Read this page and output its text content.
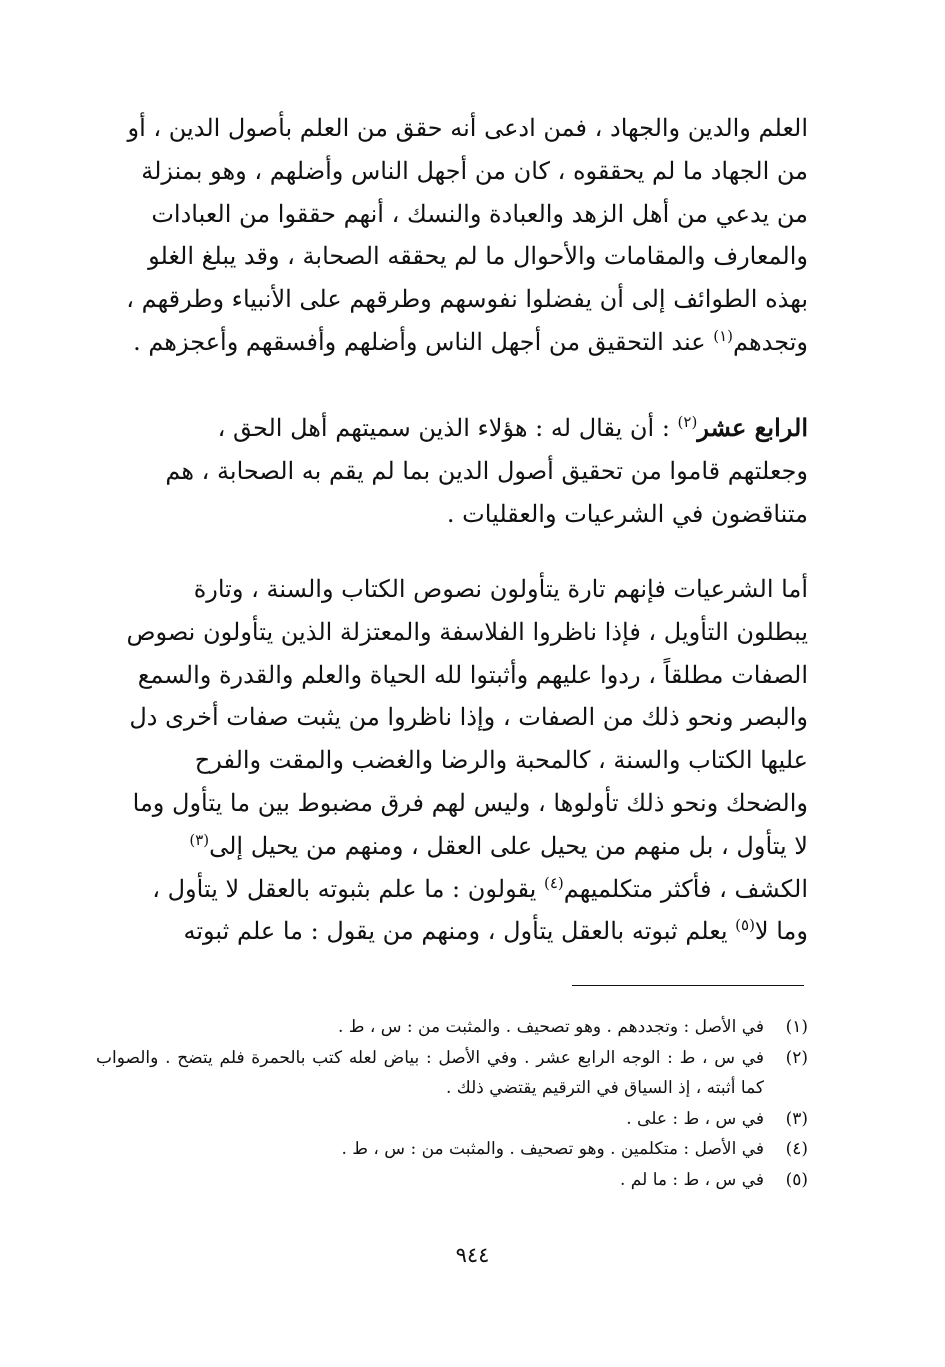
العلم والدين والجهاد ، فمن ادعى أنه حقق من العلم بأصول الدين ، أو
من الجهاد ما لم يحققوه ، كان من أجهل الناس وأضلهم ، وهو بمنزلة
من يدعي من أهل الزهد والعبادة والنسك ، أنهم حققوا من العبادات
والمعارف والمقامات والأحوال ما لم يحققه الصحابة ، وقد يبلغ الغلو
بهذه الطوائف إلى أن يفضلوا نفوسهم وطرقهم على الأنبياء وطرقهم ،
وتجدهم$^{(١)}$ عند التحقيق من أجهل الناس وأضلهم وأفسقهم وأعجزهم .
الرابع عشر$^{(٢)}$ : أن يقال له : هؤلاء الذين سميتهم أهل الحق ،
وجعلتهم قاموا من تحقيق أصول الدين بما لم يقم به الصحابة ، هم
متناقضون في الشرعيات والعقليات .
أما الشرعيات فإنهم تارة يتأولون نصوص الكتاب والسنة ، وتارة
يبطلون التأويل ، فإذا ناظروا الفلاسفة والمعتزلة الذين يتأولون نصوص
الصفات مطلقاً ، ردوا عليهم وأثبتوا لله الحياة والعلم والقدرة والسمع
والبصر ونحو ذلك من الصفات ، وإذا ناظروا من يثبت صفات أخرى دل
عليها الكتاب والسنة ، كالمحبة والرضا والغضب والمقت والفرح
والضحك ونحو ذلك تأولوها ، وليس لهم فرق مضبوط بين ما يتأول وما
لا يتأول ، بل منهم من يحيل على العقل ، ومنهم من يحيل إلى$^{(٣)}$
الكشف ، فأكثر متكلميهم$^{(٤)}$ يقولون : ما علم بثبوته بالعقل لا يتأول ،
وما لا$^{(٥)}$ يعلم ثبوته بالعقل يتأول ، ومنهم من يقول : ما علم ثبوته
(١)
في الأصل : وتجددهم . وهو تصحيف . والمثبت من : س ، ط .
(٢)
في س ، ط : الوجه الرابع عشر . وفي الأصل : بياض لعله كتب بالحمرة فلم يتضح . والصواب كما أثبته ، إذ السياق في الترقيم يقتضي ذلك .
(٣)
في س ، ط : على .
(٤)
في الأصل : متكلمين . وهو تصحيف . والمثبت من : س ، ط .
(٥)
في س ، ط : ما لم .
٩٤٤
